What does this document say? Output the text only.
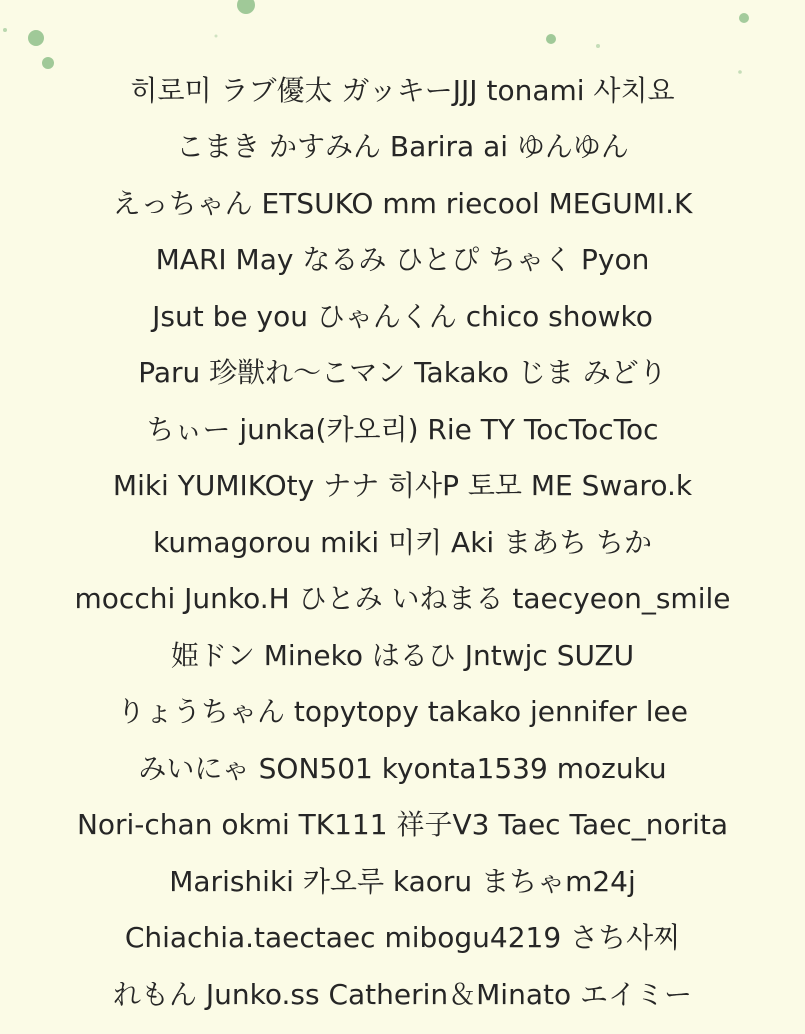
히로미 ラブ優太 ガッキーJJJ tonami 사치요
こまき かすみん Barira ai ゆんゆん
えっちゃん ETSUKO mm riecool MEGUMI.K
MARI May なるみ ひとぴ ちゃく Pyon
Jsut be you ひゃんくん chico showko
Paru 珍獣れ〜こマン Takako じま みどり
ちぃー junka(카오리) Rie TY TocTocToc
Miki YUMIKOty ナナ 히사P 토모 ME Swaro.k
kumagorou miki 미키 Aki まあち ちか
mocchi Junko.H ひとみ いねまる taecyeon_smile
姫ドン Mineko はるひ Jntwjc SUZU
りょうちゃん topytopy takako jennifer lee
みいにゃ SON501 kyonta1539 mozuku
Nori-chan okmi TK111 祥子V3 Taec Taec_norita
Marishiki 카오루 kaoru まちゃm24j
Chiachia.taectaec mibogu4219 さち사찌
れもん Junko.ss Catherin＆Minato エイミー
